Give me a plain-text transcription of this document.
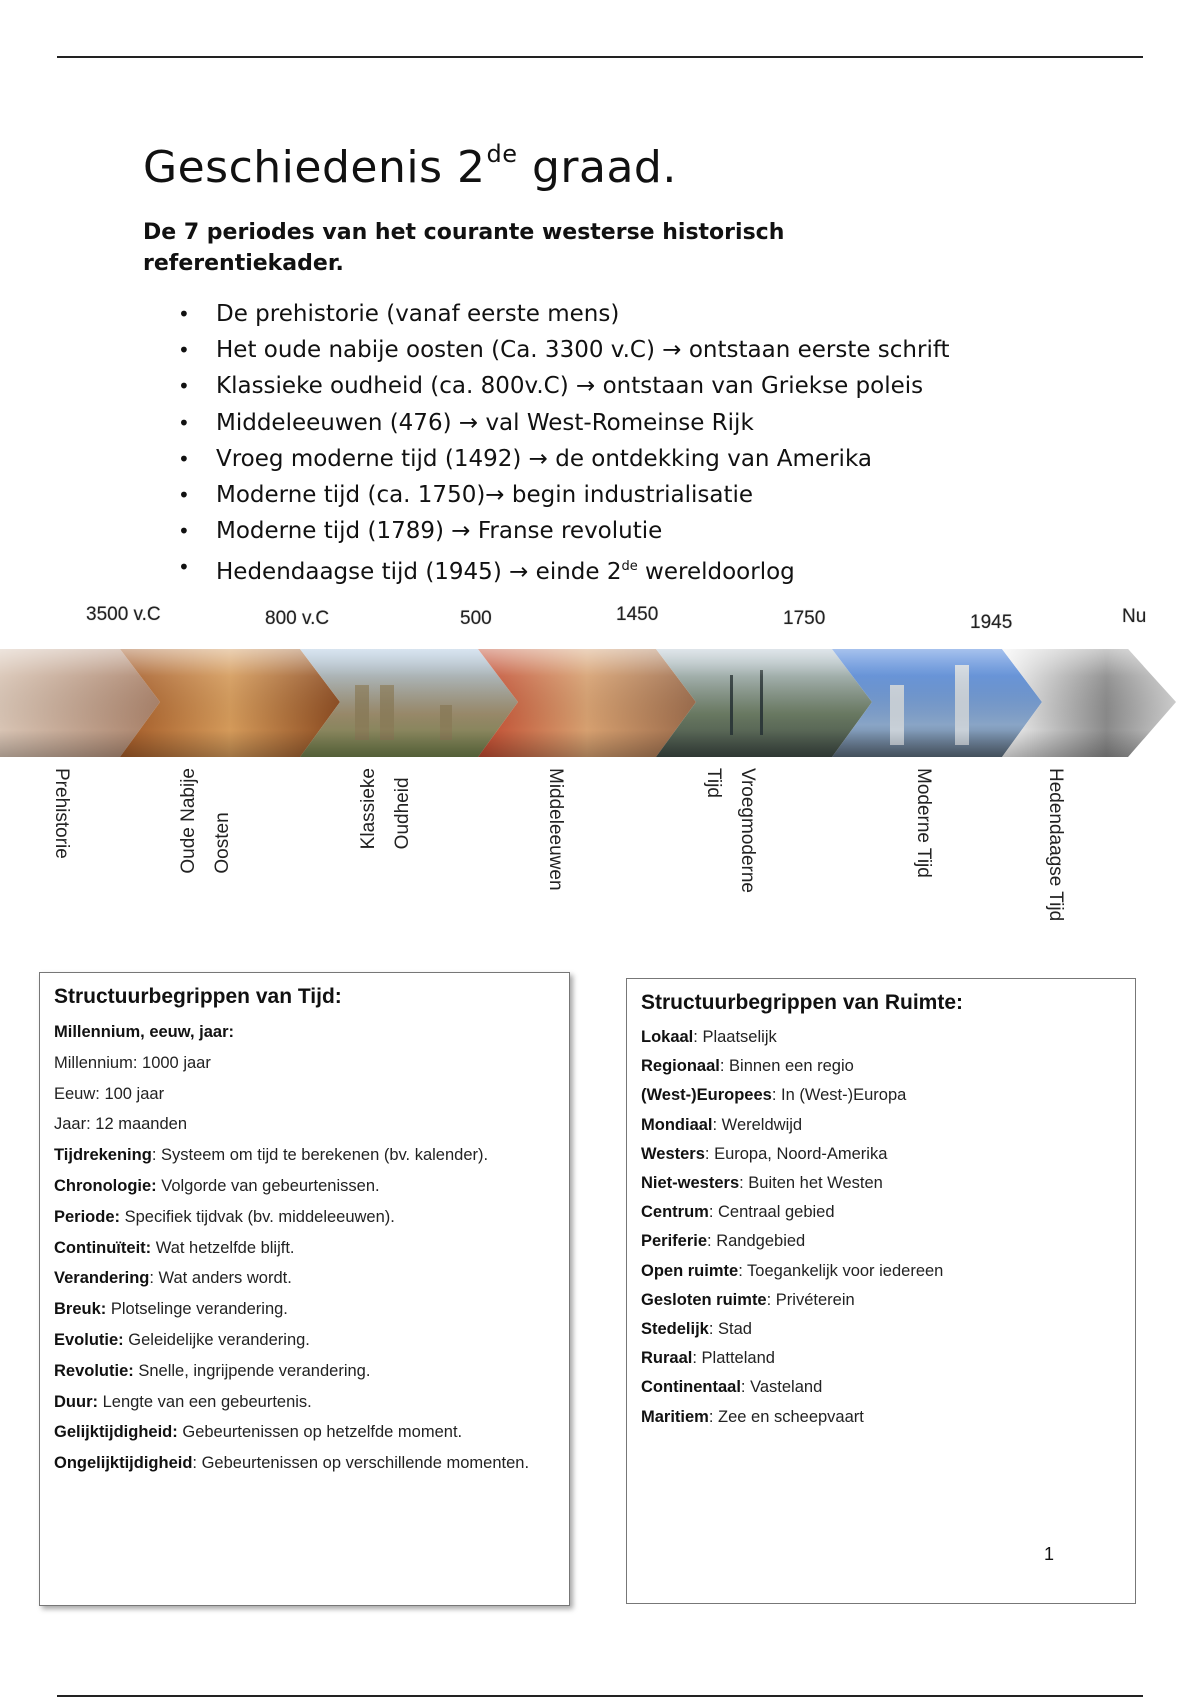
Geschiedenis 2de graad.
De 7 periodes van het courante westerse historisch referentiekader.
• De prehistorie (vanaf eerste mens)
• Het oude nabije oosten (Ca. 3300 v.C) → ontstaan eerste schrift
• Klassieke oudheid (ca. 800v.C) → ontstaan van Griekse poleis
• Middeleeuwen (476) → val West-Romeinse Rijk
• Vroeg moderne tijd (1492) → de ontdekking van Amerika
• Moderne tijd (ca. 1750)→ begin industrialisatie
• Moderne tijd (1789) → Franse revolutie
• Hedendaagse tijd (1945) → einde 2de wereldoorlog
3500 v.C	800 v.C	500	1450	1750	1945	Nu
Prehistorie	Oude Nabije Oosten	Klassieke Oudheid	Middeleeuwen	Vroegmoderne
Tijd	Moderne Tijd	Hedendaagse Tijd
Structuurbegrippen van Tijd:
Millennium, eeuw, jaar:
Millennium: 1000 jaar
Eeuw: 100 jaar
Jaar: 12 maanden
Tijdrekening: Systeem om tijd te berekenen (bv. kalender).
Chronologie: Volgorde van gebeurtenissen.
Periode: Specifiek tijdvak (bv. middeleeuwen).
Continuïteit: Wat hetzelfde blijft.
Verandering: Wat anders wordt.
Breuk: Plotselinge verandering.
Evolutie: Geleidelijke verandering.
Revolutie: Snelle, ingrijpende verandering.
Duur: Lengte van een gebeurtenis.
Gelijktijdigheid: Gebeurtenissen op hetzelfde moment.
Ongelijktijdigheid: Gebeurtenissen op verschillende momenten.
Structuurbegrippen van Ruimte:
Lokaal: Plaatselijk
Regionaal: Binnen een regio
(West-)Europees: In (West-)Europa
Mondiaal: Wereldwijd
Westers: Europa, Noord-Amerika
Niet-westers: Buiten het Westen
Centrum: Centraal gebied
Periferie: Randgebied
Open ruimte: Toegankelijk voor iedereen
Gesloten ruimte: Privéterein
Stedelijk: Stad
Ruraal: Platteland
Continentaal: Vasteland
Maritiem: Zee en scheepvaart
1
